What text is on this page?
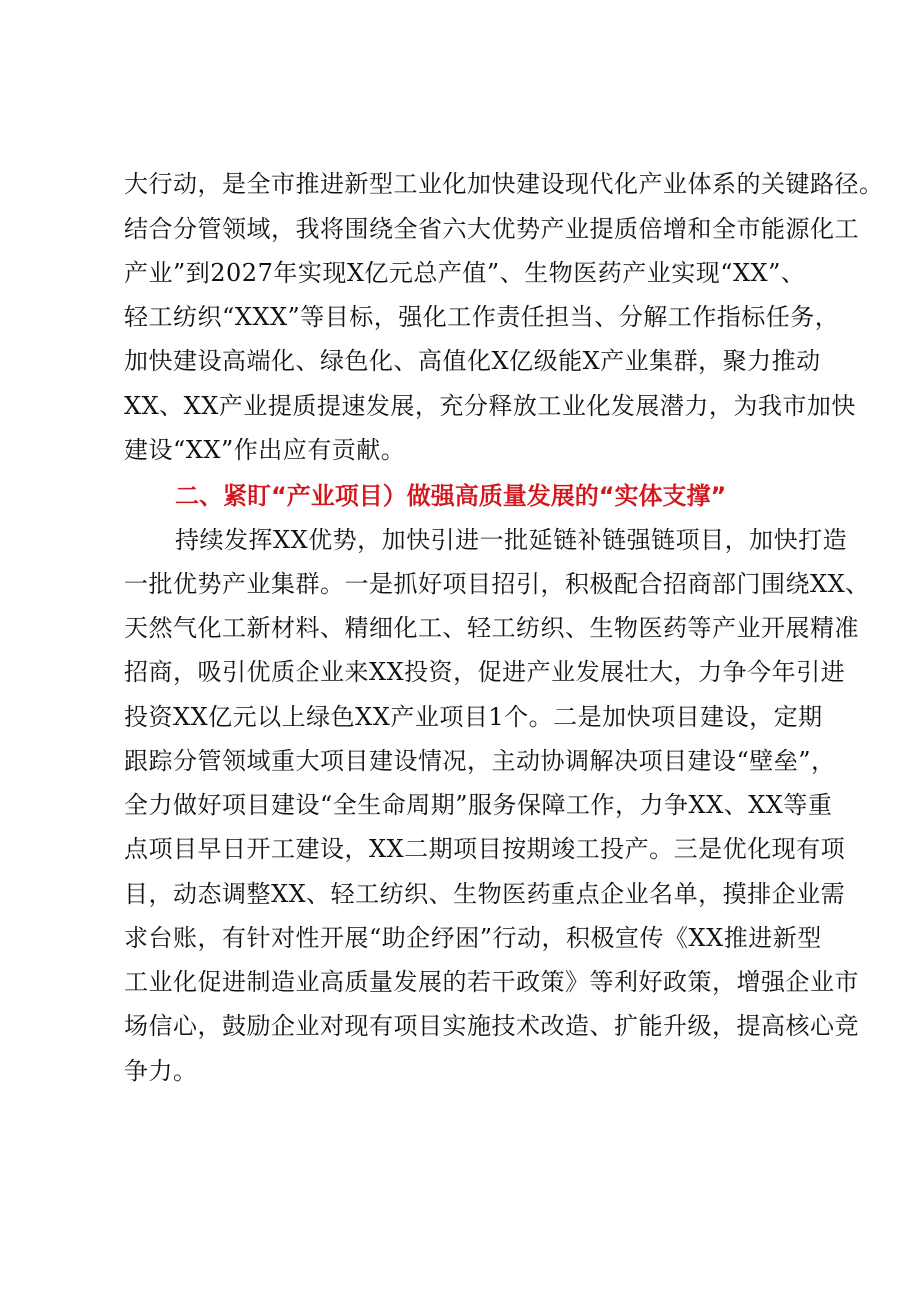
大行动，是全市推进新型工业化加快建设现代化产业体系的关键路径。
结合分管领域，我将围绕全省六大优势产业提质倍增和全市能源化工
产业”到2027年实现X亿元总产值”、生物医药产业实现“XX”、
轻工纺织“XXX”等目标，强化工作责任担当、分解工作指标任务，
加快建设高端化、绿色化、高值化X亿级能X产业集群，聚力推动
XX、XX产业提质提速发展，充分释放工业化发展潜力，为我市加快
建设“XX”作出应有贡献。
二、紧盯“产业项目）做强高质量发展的“实体支撑”
持续发挥XX优势，加快引进一批延链补链强链项目，加快打造
一批优势产业集群。一是抓好项目招引，积极配合招商部门围绕XX、
天然气化工新材料、精细化工、轻工纺织、生物医药等产业开展精准
招商，吸引优质企业来XX投资，促进产业发展壮大，力争今年引进
投资XX亿元以上绿色XX产业项目1个。二是加快项目建设，定期
跟踪分管领域重大项目建设情况，主动协调解决项目建设“壁垒”，
全力做好项目建设“全生命周期”服务保障工作，力争XX、XX等重
点项目早日开工建设，XX二期项目按期竣工投产。三是优化现有项
目，动态调整XX、轻工纺织、生物医药重点企业名单，摸排企业需
求台账，有针对性开展“助企纾困”行动，积极宣传《XX推进新型
工业化促进制造业高质量发展的若干政策》等利好政策，增强企业市
场信心，鼓励企业对现有项目实施技术改造、扩能升级，提高核心竞
争力。
